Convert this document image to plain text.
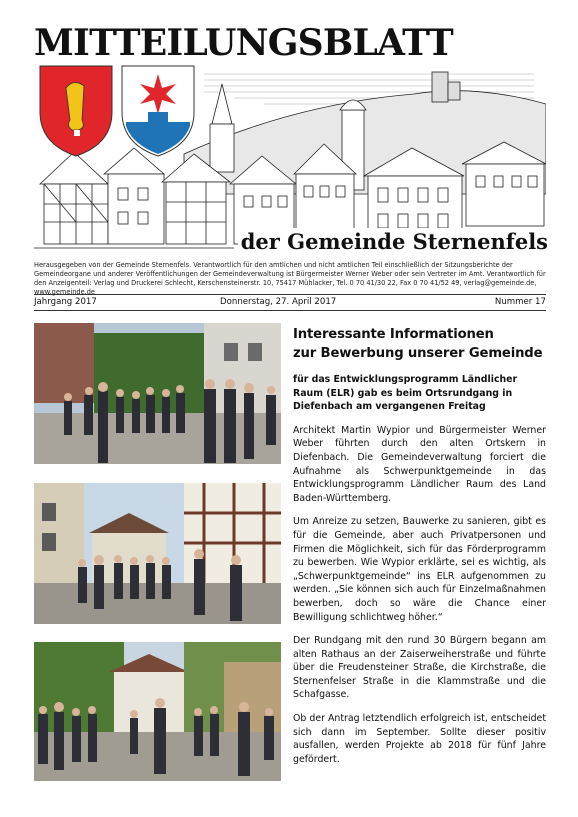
MITTEILUNGSBLATT
der Gemeinde Sternenfels
Herausgegeben von der Gemeinde Sternenfels. Verantwortlich für den amtlichen und nicht amtlichen Teil einschließlich der Sitzungsberichte der Gemeindeorgane und anderer Veröffentlichungen der Gemeindeverwaltung ist Bürgermeister Werner Weber oder sein Vertreter im Amt. Verantwortlich für den Anzeigenteil: Verlag und Druckerei Schlecht, Kerschensteinerstr. 10, 75417 Mühlacker, Tel. 0 70 41/30 22, Fax 0 70 41/52 49, verlag@gemeinde.de, www.gemeinde.de
Jahrgang 2017	Donnerstag, 27. April 2017	Nummer 17
Interessante Informationen
zur Bewerbung unserer Gemeinde

für das Entwicklungsprogramm Ländlicher Raum (ELR) gab es beim Ortsrundgang in Diefenbach am vergangenen Freitag

Architekt Martin Wypior und Bürgermeister Werner Weber führten durch den alten Ortskern in Diefenbach. Die Gemeindeverwaltung forciert die Aufnahme als Schwerpunktgemeinde in das Entwicklungsprogramm Ländlicher Raum des Land Baden-Württemberg.

Um Anreize zu setzen, Bauwerke zu sanieren, gibt es für die Gemeinde, aber auch Privatpersonen und Firmen die Möglichkeit, sich für das Förderprogramm zu bewerben. Wie Wypior erklärte, sei es wichtig, als „Schwerpunktgemeinde“ ins ELR aufgenommen zu werden. „Sie können sich auch für Einzelmaßnahmen bewerben, doch so wäre die Chance einer Bewilligung schlichtweg höher.“

Der Rundgang mit den rund 30 Bürgern begann am alten Rathaus an der Zaiserweiherstraße und führte über die Freudensteiner Straße, die Kirchstraße, die Sternenfelser Straße in die Klammstraße und die Schafgasse.

Ob der Antrag letztendlich erfolgreich ist, entscheidet sich dann im September. Sollte dieser positiv ausfallen, werden Projekte ab 2018 für fünf Jahre gefördert.
